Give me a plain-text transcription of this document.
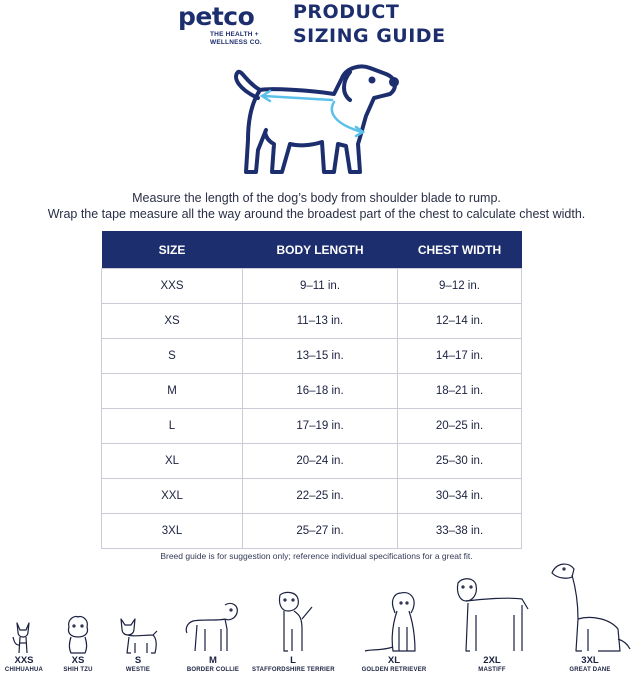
petco
THE HEALTH +
WELLNESS CO.
PRODUCT
SIZING GUIDE
Measure the length of the dog’s body from shoulder blade to rump.
Wrap the tape measure all the way around the broadest part of the chest to calculate chest width.
SIZE	BODY LENGTH	CHEST WIDTH
XXS	9–11 in.	9–12 in.
XS	11–13 in.	12–14 in.
S	13–15 in.	14–17 in.
M	16–18 in.	18–21 in.
L	17–19 in.	20–25 in.
XL	20–24 in.	25–30 in.
XXL	22–25 in.	30–34 in.
3XL	25–27 in.	33–38 in.
Breed guide is for suggestion only; reference individual specifications for a great fit.
XXS
CHIHUAHUA
XS
SHIH TZU
S
WESTIE
M
BORDER COLLIE
L
STAFFORDSHIRE TERRIER
XL
GOLDEN RETRIEVER
2XL
MASTIFF
3XL
GREAT DANE
